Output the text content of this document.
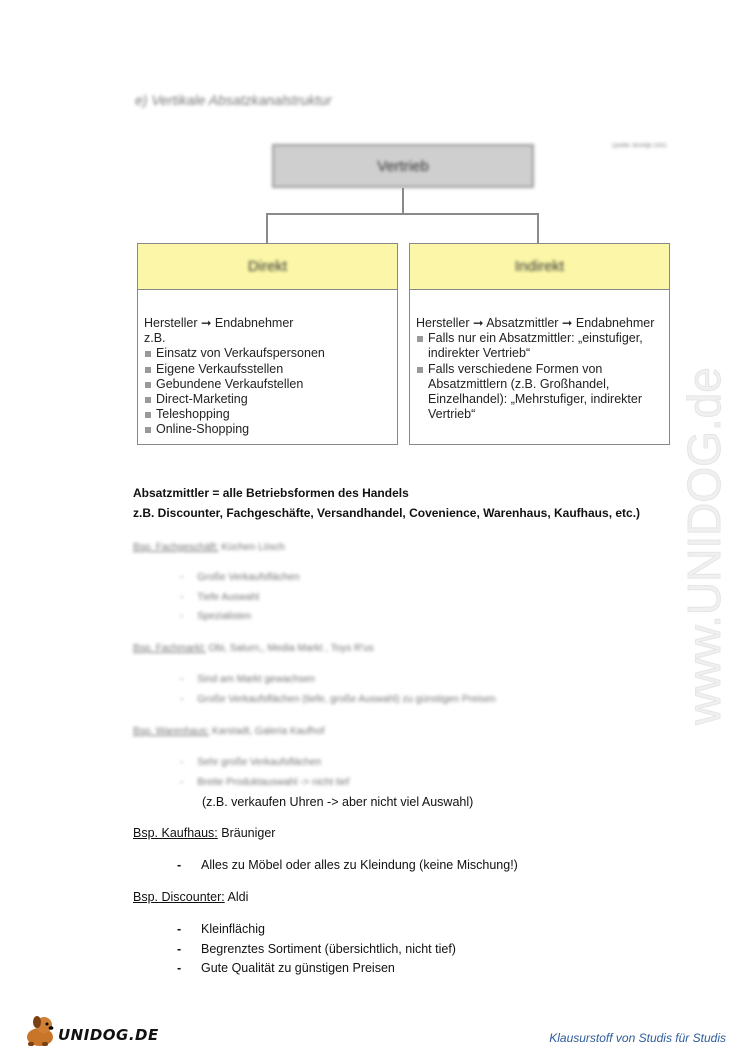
e) Vertikale Absatzkanalstruktur
Quelle: Brüntje 2002
Vertrieb
Direkt
Hersteller ➞ Endabnehmer
z.B.
Einsatz von Verkaufspersonen
Eigene Verkaufsstellen
Gebundene Verkaufstellen
Direct-Marketing
Teleshopping
Online-Shopping
Indirekt
Hersteller ➞ Absatzmittler ➞ Endabnehmer
Falls nur ein Absatzmittler: „einstufiger, indirekter Vertrieb“
Falls verschiedene Formen von Absatzmittlern (z.B. Großhandel, Einzelhandel): „Mehrstufiger, indirekter Vertrieb“
Absatzmittler = alle Betriebsformen des Handels
z.B. Discounter, Fachgeschäfte, Versandhandel, Covenience, Warenhaus, Kaufhaus, etc.)
Bsp. Fachgeschäft: Küchen Lösch
-     Große Verkaufsflächen
-     Tiefe Auswahl
-     Spezialisten
Bsp. Fachmarkt: Obi, Saturn,, Media Markt , Toys R'us
-     Sind am Markt gewachsen
-     Große Verkaufsflächen (tiefe, große Auswahl) zu günstigen Preisen
Bsp. Warenhaus: Karstadt, Galeria Kaufhof
-     Sehr große Verkaufsflächen
-     Breite Produktauswahl -> nicht tief
(z.B. verkaufen Uhren -> aber nicht viel Auswahl)
Bsp. Kaufhaus: Bräuniger
- Alles zu Möbel oder alles zu Kleindung (keine Mischung!)
Bsp. Discounter: Aldi
- Kleinflächig
- Begrenztes Sortiment (übersichtlich, nicht tief)
- Gute Qualität zu günstigen Preisen
www.UNIDOG.de
UNIDOG.DE	Klausurstoff von Studis für Studis
